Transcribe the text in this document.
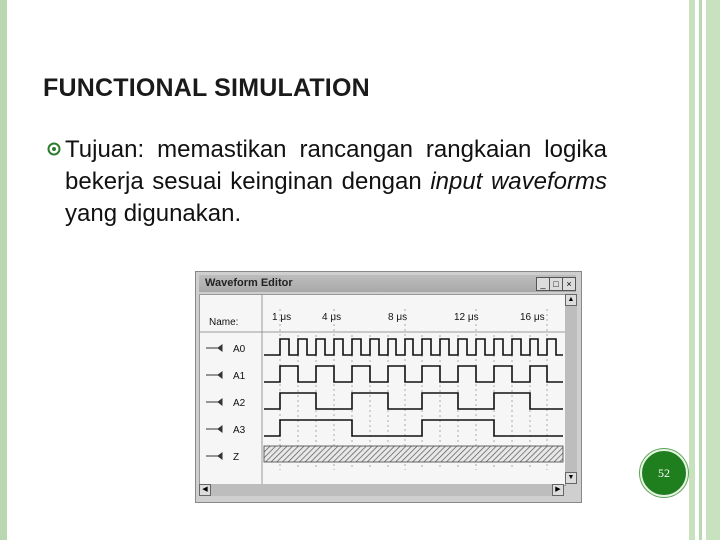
FUNCTIONAL SIMULATION
Tujuan: memastikan rancangan rangkaian logika bekerja sesuai keinginan dengan input waveforms yang digunakan.
Waveform Editor	_ □ ×
Name:	1 μs	4 μs	8 μs	12 μs	16 μs
A0
A1
A2
A3
Z
▲
▼
◀	▶
52
